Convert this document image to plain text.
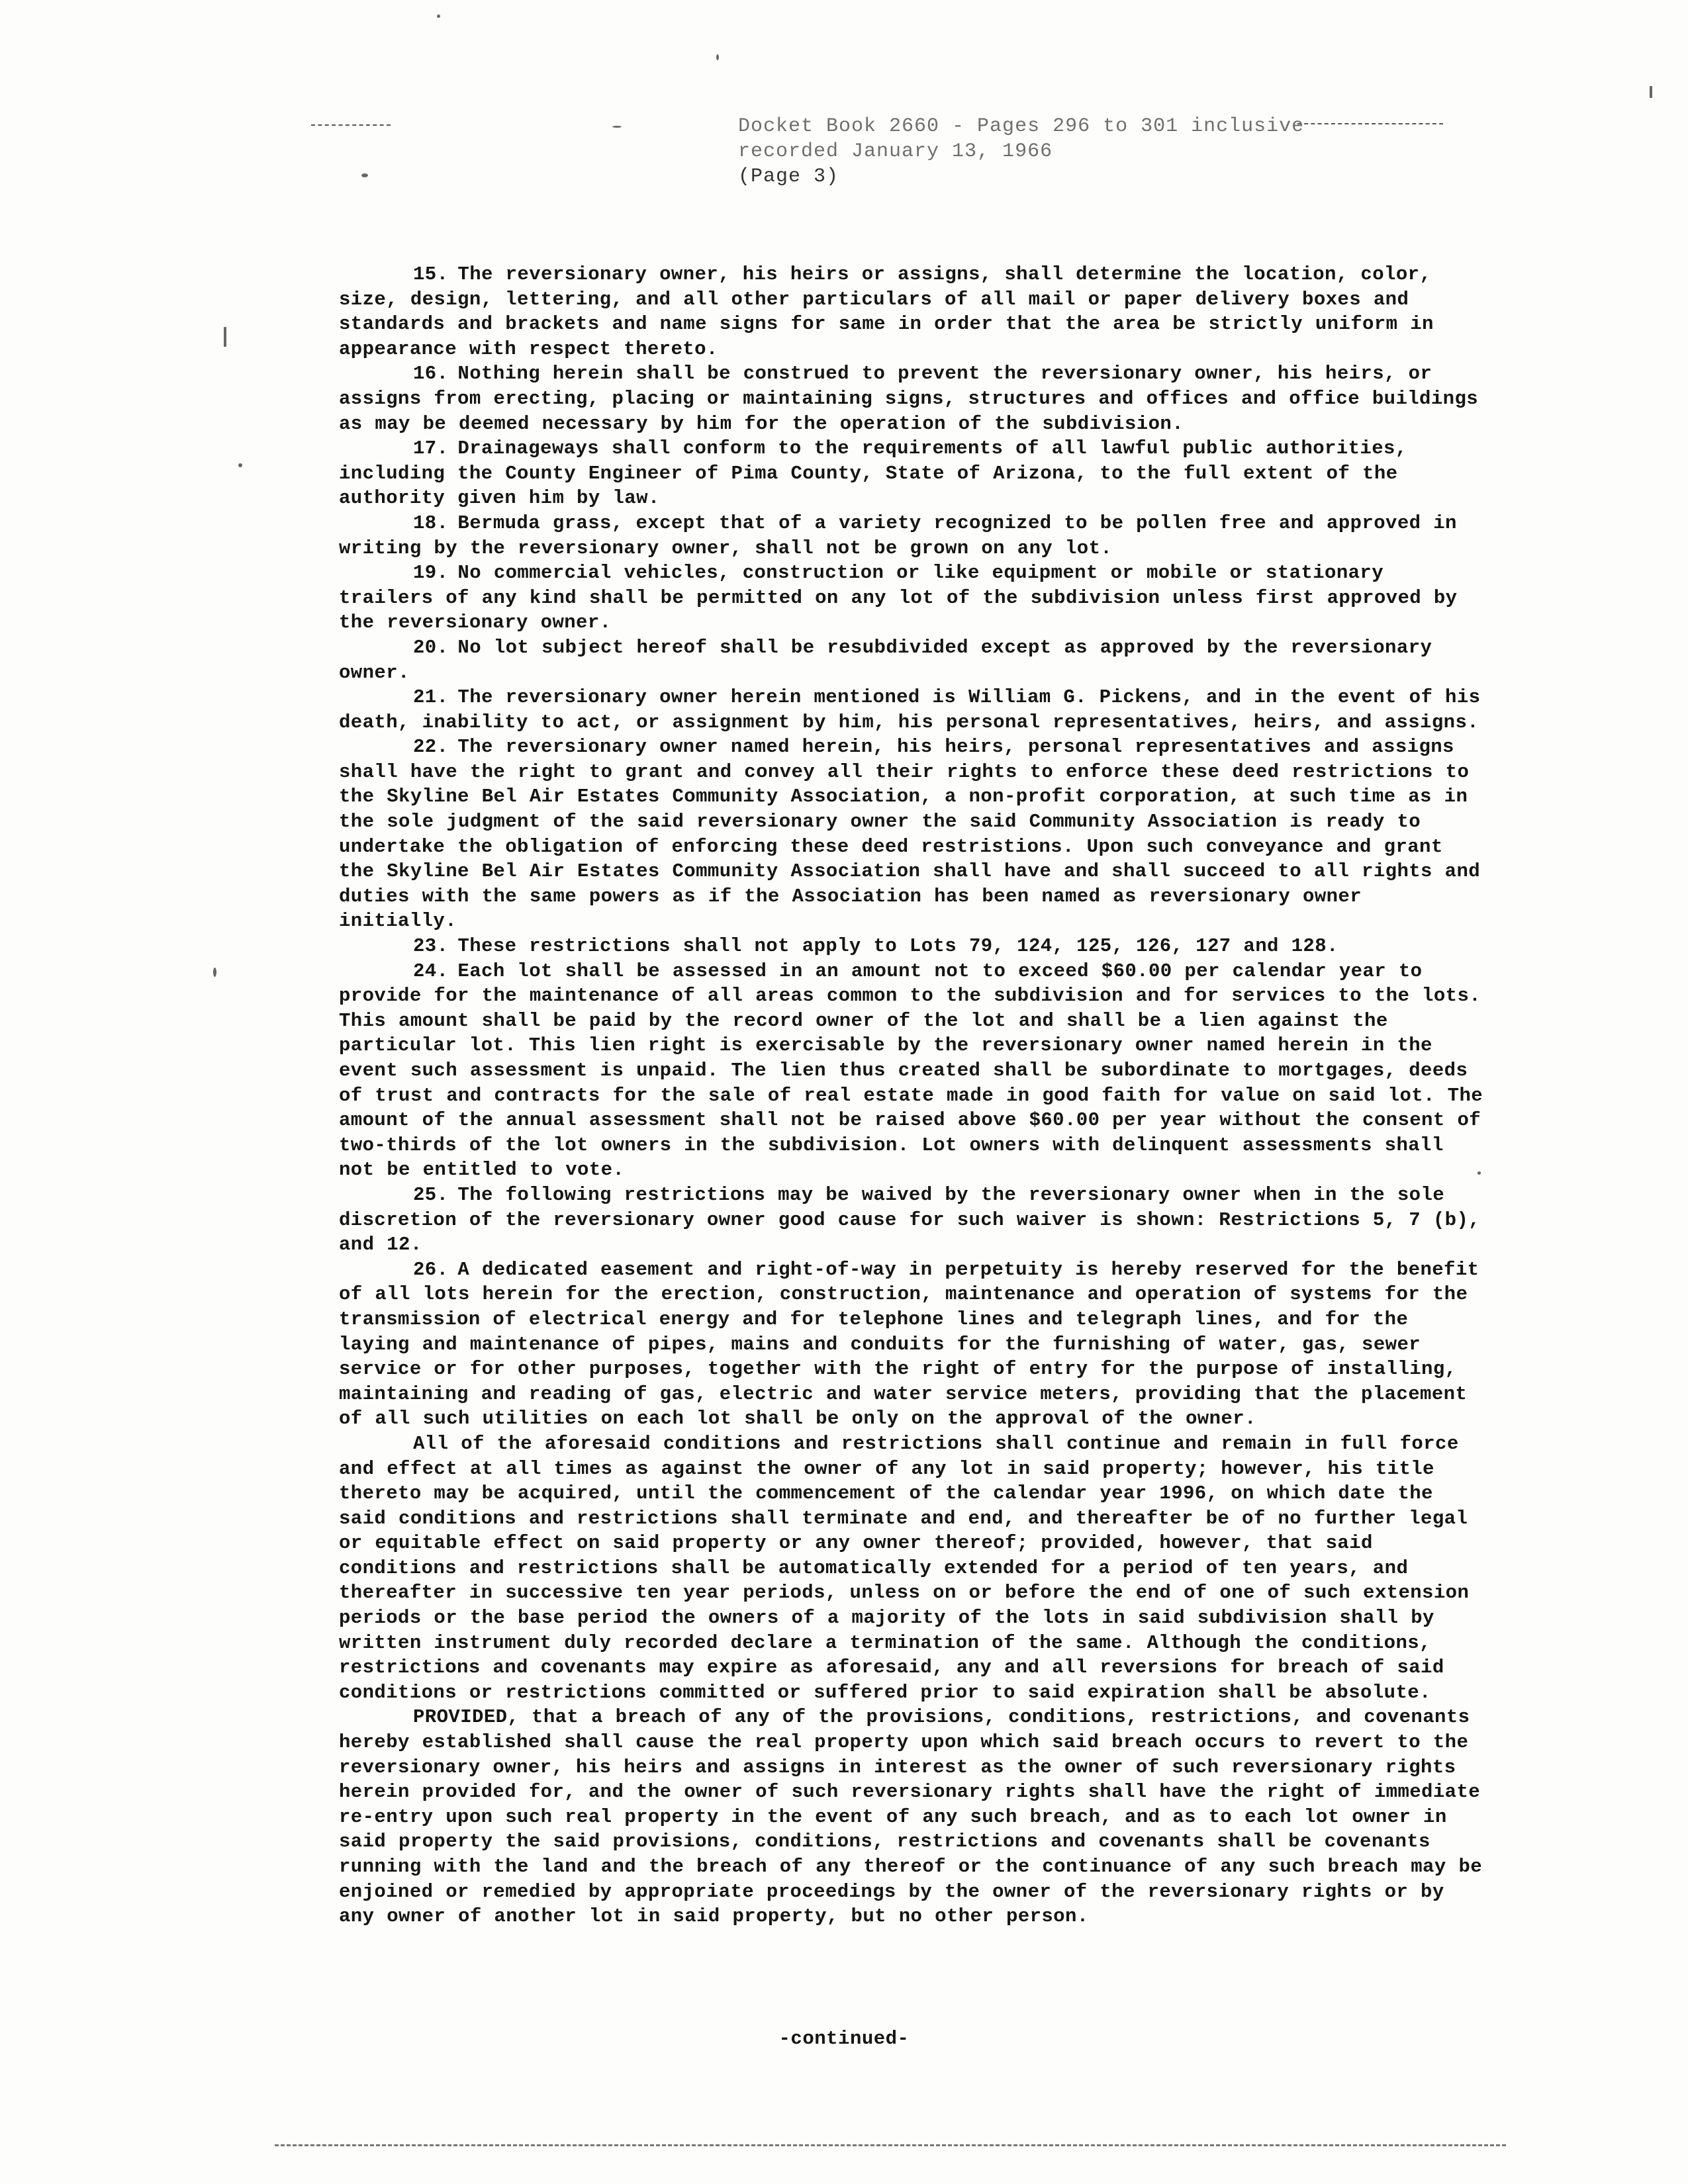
Docket Book 2660 - Pages 296 to 301 inclusive
recorded January 13, 1966
(Page 3)

15. The reversionary owner, his heirs or assigns, shall determine the location, color, size, design, lettering, and all other particulars of all mail or paper delivery boxes and standards and brackets and name signs for same in order that the area be strictly uniform in appearance with respect thereto.

16. Nothing herein shall be construed to prevent the reversionary owner, his heirs, or assigns from erecting, placing or maintaining signs, structures and offices and office buildings as may be deemed necessary by him for the operation of the subdivision.

17. Drainageways shall conform to the requirements of all lawful public authorities, including the County Engineer of Pima County, State of Arizona, to the full extent of the authority given him by law.

18. Bermuda grass, except that of a variety recognized to be pollen free and approved in writing by the reversionary owner, shall not be grown on any lot.

19. No commercial vehicles, construction or like equipment or mobile or stationary trailers of any kind shall be permitted on any lot of the subdivision unless first approved by the reversionary owner.

20. No lot subject hereof shall be resubdivided except as approved by the reversionary owner.

21. The reversionary owner herein mentioned is William G. Pickens, and in the event of his death, inability to act, or assignment by him, his personal representatives, heirs, and assigns.

22. The reversionary owner named herein, his heirs, personal representatives and assigns shall have the right to grant and convey all their rights to enforce these deed restrictions to the Skyline Bel Air Estates Community Association, a non-profit corporation, at such time as in the sole judgment of the said reversionary owner the said Community Association is ready to undertake the obligation of enforcing these deed restristions. Upon such conveyance and grant the Skyline Bel Air Estates Community Association shall have and shall succeed to all rights and duties with the same powers as if the Association has been named as reversionary owner initially.

23. These restrictions shall not apply to Lots 79, 124, 125, 126, 127 and 128.

24. Each lot shall be assessed in an amount not to exceed $60.00 per calendar year to provide for the maintenance of all areas common to the subdivision and for services to the lots. This amount shall be paid by the record owner of the lot and shall be a lien against the particular lot. This lien right is exercisable by the reversionary owner named herein in the event such assessment is unpaid. The lien thus created shall be subordinate to mortgages, deeds of trust and contracts for the sale of real estate made in good faith for value on said lot. The amount of the annual assessment shall not be raised above $60.00 per year without the consent of two-thirds of the lot owners in the subdivision. Lot owners with delinquent assessments shall not be entitled to vote.

25. The following restrictions may be waived by the reversionary owner when in the sole discretion of the reversionary owner good cause for such waiver is shown: Restrictions 5, 7 (b), and 12.

26. A dedicated easement and right-of-way in perpetuity is hereby reserved for the benefit of all lots herein for the erection, construction, maintenance and operation of systems for the transmission of electrical energy and for telephone lines and telegraph lines, and for the laying and maintenance of pipes, mains and conduits for the furnishing of water, gas, sewer service or for other purposes, together with the right of entry for the purpose of installing, maintaining and reading of gas, electric and water service meters, providing that the placement of all such utilities on each lot shall be only on the approval of the owner.

All of the aforesaid conditions and restrictions shall continue and remain in full force and effect at all times as against the owner of any lot in said property; however, his title thereto may be acquired, until the commencement of the calendar year 1996, on which date the said conditions and restrictions shall terminate and end, and thereafter be of no further legal or equitable effect on said property or any owner thereof; provided, however, that said conditions and restrictions shall be automatically extended for a period of ten years, and thereafter in successive ten year periods, unless on or before the end of one of such extension periods or the base period the owners of a majority of the lots in said subdivision shall by written instrument duly recorded declare a termination of the same. Although the conditions, restrictions and covenants may expire as aforesaid, any and all reversions for breach of said conditions or restrictions committed or suffered prior to said expiration shall be absolute.

PROVIDED, that a breach of any of the provisions, conditions, restrictions, and covenants hereby established shall cause the real property upon which said breach occurs to revert to the reversionary owner, his heirs and assigns in interest as the owner of such reversionary rights herein provided for, and the owner of such reversionary rights shall have the right of immediate re-entry upon such real property in the event of any such breach, and as to each lot owner in said property the said provisions, conditions, restrictions and covenants shall be covenants running with the land and the breach of any thereof or the continuance of any such breach may be enjoined or remedied by appropriate proceedings by the owner of the reversionary rights or by any owner of another lot in said property, but no other person.

-continued-
